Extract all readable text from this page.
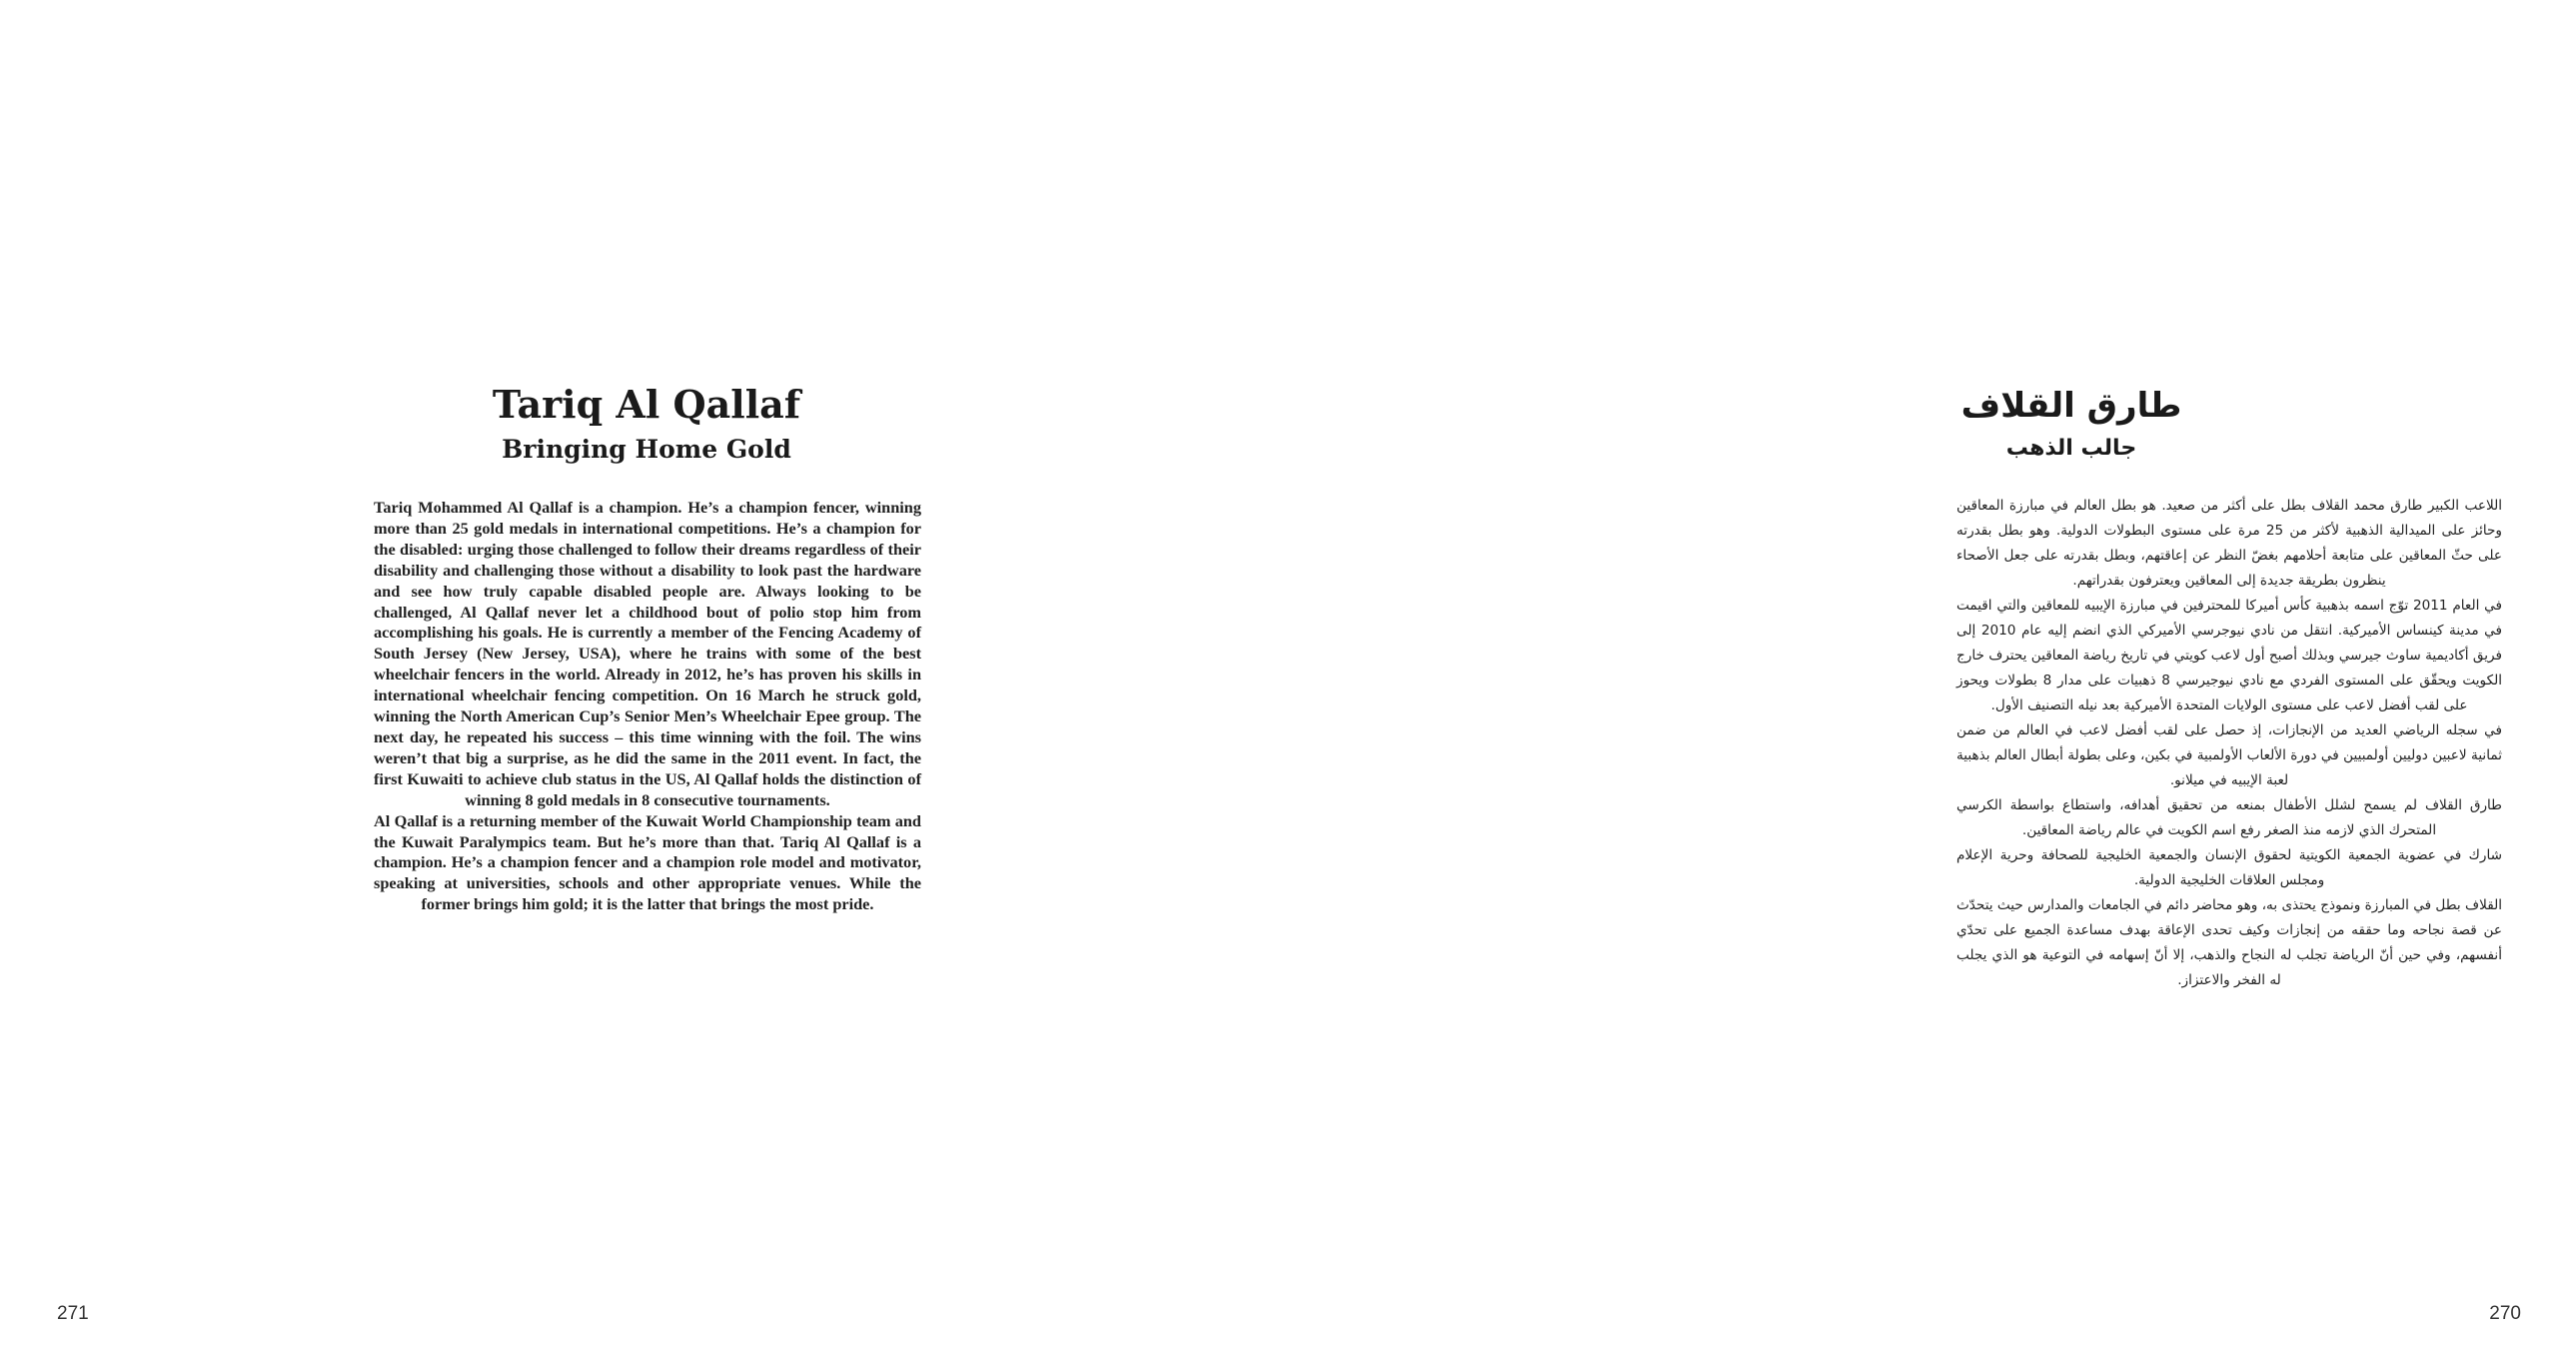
Tariq Al Qallaf
Bringing Home Gold

Tariq Mohammed Al Qallaf is a champion. He’s a champion fencer, winning more than 25 gold medals in international competitions. He’s a champion for the disabled: urging those challenged to follow their dreams regardless of their disability and challenging those without a disability to look past the hardware and see how truly capable disabled people are. Always looking to be challenged, Al Qallaf never let a childhood bout of polio stop him from accomplishing his goals. He is currently a member of the Fencing Academy of South Jersey (New Jersey, USA), where he trains with some of the best wheelchair fencers in the world. Already in 2012, he’s has proven his skills in international wheelchair fencing competition. On 16 March he struck gold, winning the North American Cup’s Senior Men’s Wheelchair Epee group. The next day, he repeated his success – this time winning with the foil. The wins weren’t that big a surprise, as he did the same in the 2011 event. In fact, the first Kuwaiti to achieve club status in the US, Al Qallaf holds the distinction of winning 8 gold medals in 8 consecutive tournaments.

Al Qallaf is a returning member of the Kuwait World Championship team and the Kuwait Paralympics team. But he’s more than that. Tariq Al Qallaf is a champion. He’s a champion fencer and a champion role model and motivator, speaking at universities, schools and other appropriate venues. While the former brings him gold; it is the latter that brings the most pride.

271
طارق القلاف
جالب الذهب

اللاعب الكبير طارق محمد القلاف بطل على أكثر من صعيد. هو بطل العالم في مبارزة المعاقين وحائز على الميدالية الذهبية لأكثر من 25 مرة على مستوى البطولات الدولية. وهو بطل بقدرته على حثّ المعاقين على متابعة أحلامهم بغضّ النظر عن إعاقتهم، وبطل بقدرته على جعل الأصحاء ينظرون بطريقة جديدة إلى المعاقين ويعترفون بقدراتهم.

في العام 2011 توّج اسمه بذهبية كأس أميركا للمحترفين في مبارزة الإيبيه للمعاقين والتي اقيمت في مدينة كينساس الأميركية. انتقل من نادي نيوجرسي الأميركي الذي انضم إليه عام 2010 إلى فريق أكاديمية ساوث جيرسي وبذلك أصبح أول لاعب كويتي في تاريخ رياضة المعاقين يحترف خارج الكويت ويحقّق على المستوى الفردي مع نادي نيوجيرسي 8 ذهبيات على مدار 8 بطولات ويحوز على لقب أفضل لاعب على مستوى الولايات المتحدة الأميركية بعد نيله التصنيف الأول.

في سجله الرياضي العديد من الإنجازات، إذ حصل على لقب أفضل لاعب في العالم من ضمن ثمانية لاعبين دوليين أولمبيين في دورة الألعاب الأولمبية في بكين، وعلى بطولة أبطال العالم بذهبية لعبة الإيبيه في ميلانو.

طارق القلاف لم يسمح لشلل الأطفال بمنعه من تحقيق أهدافه، واستطاع بواسطة الكرسي المتحرك الذي لازمه منذ الصغر رفع اسم الكويت في عالم رياضة المعاقين.

شارك في عضوية الجمعية الكويتية لحقوق الإنسان والجمعية الخليجية للصحافة وحرية الإعلام ومجلس العلاقات الخليجية الدولية.

القلاف بطل في المبارزة ونموذج يحتذى به، وهو محاضر دائم في الجامعات والمدارس حيث يتحدّث عن قصة نجاحه وما حققه من إنجازات وكيف تحدى الإعاقة بهدف مساعدة الجميع على تحدّي أنفسهم، وفي حين أنّ الرياضة تجلب له النجاح والذهب، إلا أنّ إسهامه في التوعية هو الذي يجلب له الفخر والاعتزاز.

270
